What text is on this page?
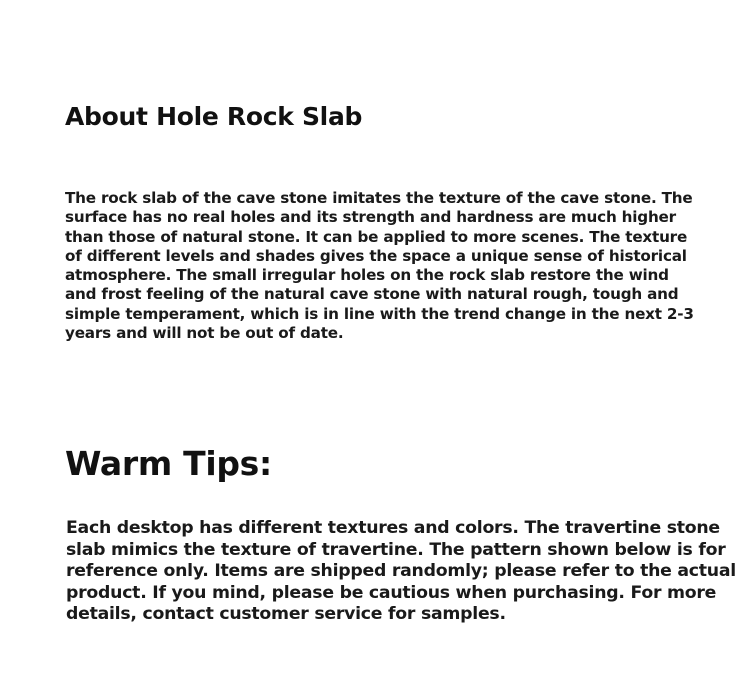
About Hole Rock Slab

The rock slab of the cave stone imitates the texture of the cave stone. The surface has no real holes and its strength and hardness are much higher than those of natural stone. It can be applied to more scenes. The texture of different levels and shades gives the space a unique sense of historical atmosphere. The small irregular holes on the rock slab restore the wind and frost feeling of the natural cave stone with natural rough, tough and simple temperament, which is in line with the trend change in the next 2-3 years and will not be out of date.

Warm Tips:

Each desktop has different textures and colors. The travertine stone slab mimics the texture of travertine. The pattern shown below is for reference only. Items are shipped randomly; please refer to the actual product. If you mind, please be cautious when purchasing. For more details, contact customer service for samples.
